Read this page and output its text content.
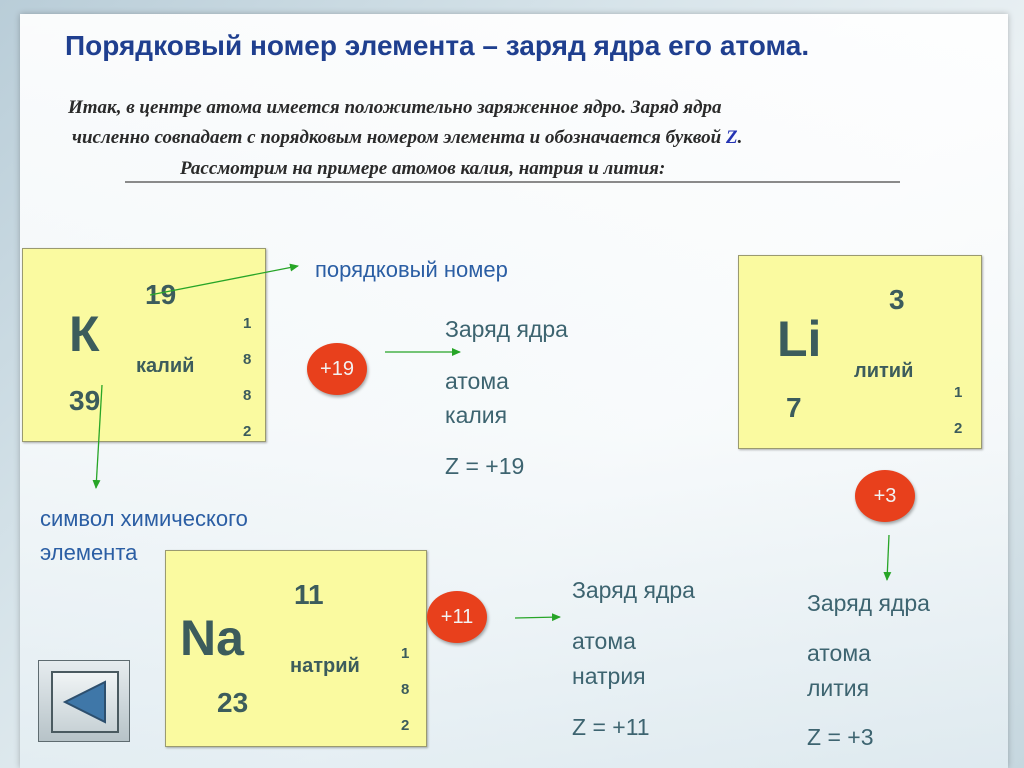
Порядковый номер элемента – заряд ядра его атома.
Итак, в центре атома имеется положительно заряженное ядро. Заряд ядра
численно совпадает с порядковым номером элемента и обозначается буквой Z.
Рассмотрим на примере атомов калия, натрия и лития:
К
19
калий
39
1
8
8
2
Li
3
литий
7	1
2
Na
11
натрий
23
1
8
2
+19
+11
+3
порядковый номер
символ химического
элемента
Заряд ядра
атома
калия
Z = +19
Заряд ядра
атома
натрия
Z = +11
Заряд ядра
атома
лития
Z = +3
